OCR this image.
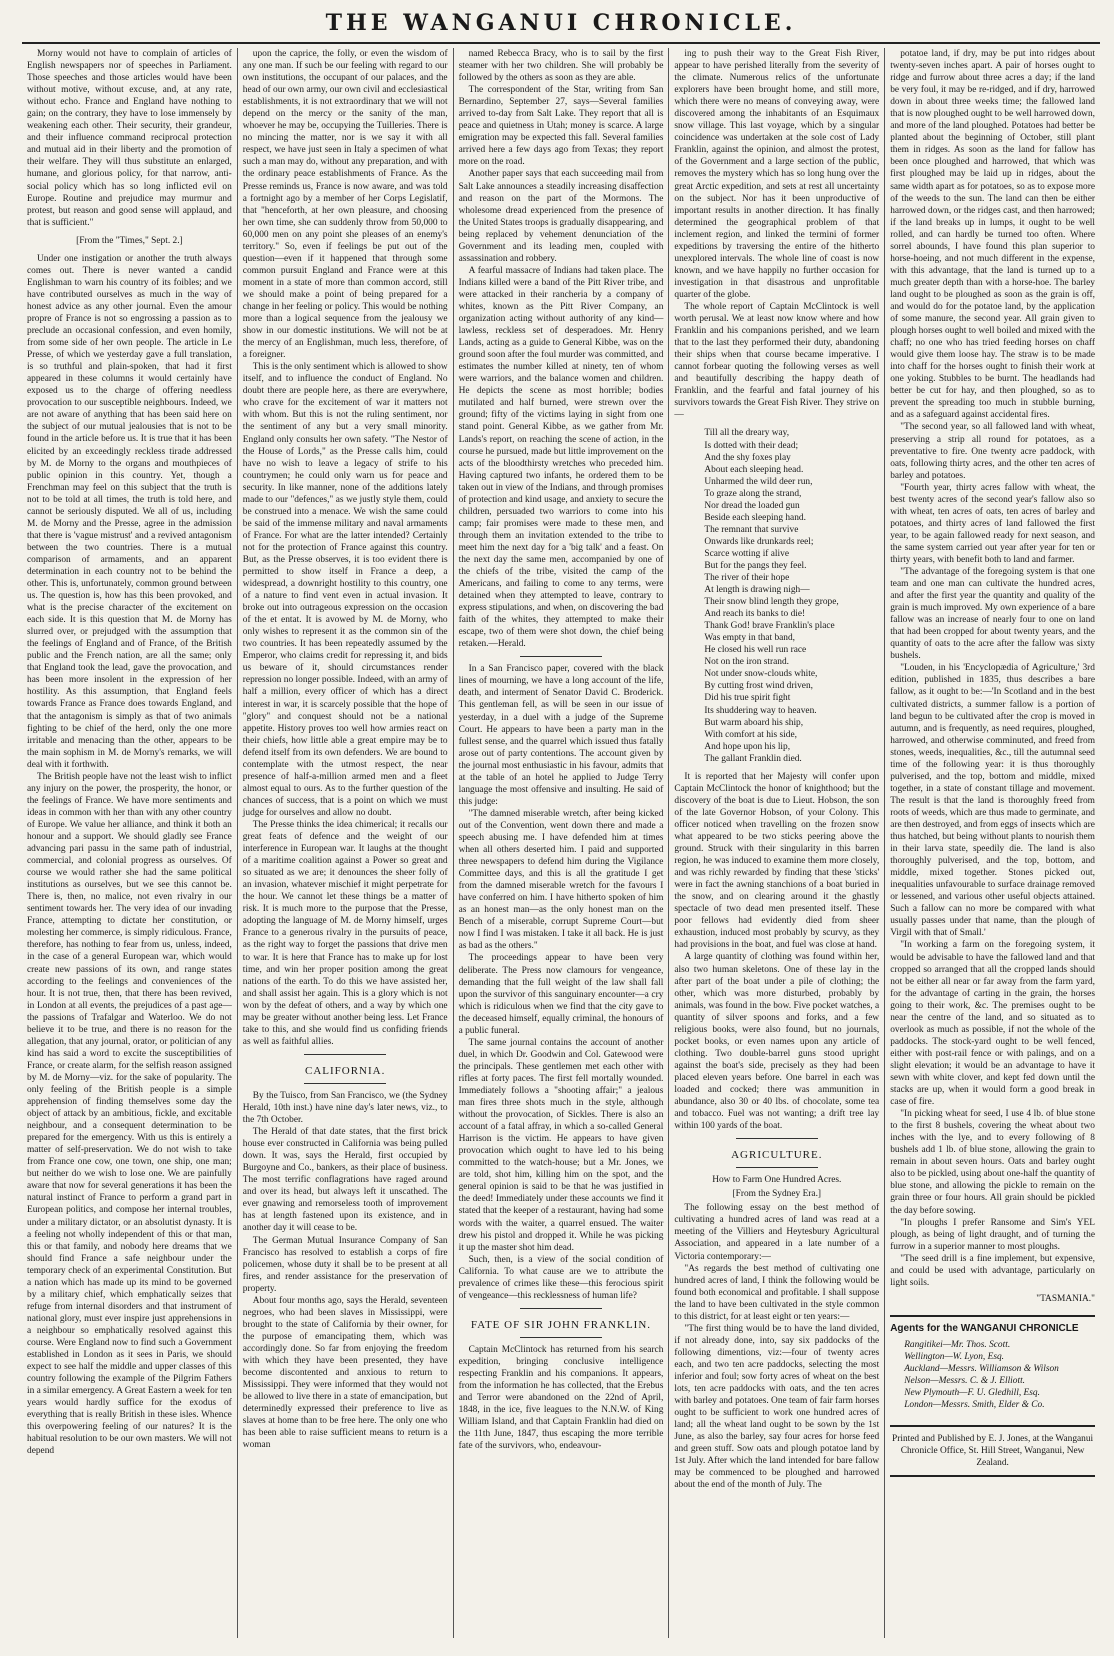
THE WANGANUI CHRONICLE.

Morny would not have to complain of articles of English newspapers nor of speeches in Parliament. Those speeches and those articles would have been without motive, without excuse, and, at any rate, without echo. France and England have nothing to gain; on the contrary, they have to lose immensely by weakening each other. Their security, their grandeur, and their influence command reciprocal protection and mutual aid in their liberty and the promotion of their welfare. They will thus substitute an enlarged, humane, and glorious policy, for that narrow, anti-social policy which has so long inflicted evil on Europe. Routine and prejudice may murmur and protest, but reason and good sense will applaud, and that is sufficient."

[From the "Times," Sept. 2.]

Under one instigation or another the truth always comes out. There is never wanted a candid Englishman to warn his country of its foibles; and we have contributed ourselves as much in the way of honest advice as any other journal. Even the amour propre of France is not so engrossing a passion as to preclude an occasional confession, and even homily, from some side of her own people. The article in Le Presse, of which we yesterday gave a full translation, is so truthful and plain-spoken, that had it first appeared in these columns it would certainly have exposed us to the charge of offering needless provocation to our susceptible neighbours. Indeed, we are not aware of anything that has been said here on the subject of our mutual jealousies that is not to be found in the article before us. It is true that it has been elicited by an exceedingly reckless tirade addressed by M. de Morny to the organs and mouthpieces of public opinion in this country. Yet, though a Frenchman may feel on this subject that the truth is not to be told at all times, the truth is told here, and cannot be seriously disputed. We all of us, including M. de Morny and the Presse, agree in the admission that there is 'vague mistrust' and a revived antagonism between the two countries. There is a mutual comparison of armaments, and an apparent determination in each country not to be behind the other. This is, unfortunately, common ground between us. The question is, how has this been provoked, and what is the precise character of the excitement on each side. It is this question that M. de Morny has slurred over, or prejudged with the assumption that the feelings of England and of France, of the British public and the French nation, are all the same; only that England took the lead, gave the provocation, and has been more insolent in the expression of her hostility. As this assumption, that England feels towards France as France does towards England, and that the antagonism is simply as that of two animals fighting to be chief of the herd, only the one more irritable and menacing than the other, appears to be the main sophism in M. de Morny's remarks, we will deal with it forthwith.

The British people have not the least wish to inflict any injury on the power, the prosperity, the honor, or the feelings of France. We have more sentiments and ideas in common with her than with any other country of Europe. We value her alliance, and think it both an honour and a support. We should gladly see France advancing pari passu in the same path of industrial, commercial, and colonial progress as ourselves. Of course we would rather she had the same political institutions as ourselves, but we see this cannot be. There is, then, no malice, not even rivalry in our sentiment towards her. The very idea of our invading France, attempting to dictate her constitution, or molesting her commerce, is simply ridiculous. France, therefore, has nothing to fear from us, unless, indeed, in the case of a general European war, which would create new passions of its own, and range states according to the feelings and conveniences of the hour. It is not true, then, that there has been revived, in London at all events, the prejudices of a past age—the passions of Trafalgar and Waterloo. We do not believe it to be true, and there is no reason for the allegation, that any journal, orator, or politician of any kind has said a word to excite the susceptibilities of France, or create alarm, for the selfish reason assigned by M. de Morny—viz. for the sake of popularity. The only feeling of the British people is a simple apprehension of finding themselves some day the object of attack by an ambitious, fickle, and excitable neighbour, and a consequent determination to be prepared for the emergency. With us this is entirely a matter of self-preservation. We do not wish to take from France one cow, one town, one ship, one man; but neither do we wish to lose one. We are painfully aware that now for several generations it has been the natural instinct of France to perform a grand part in European politics, and compose her internal troubles, under a military dictator, or an absolutist dynasty. It is a feeling not wholly independent of this or that man, this or that family, and nobody here dreams that we should find France a safe neighbour under the temporary check of an experimental Constitution. But a nation which has made up its mind to be governed by a military chief, which emphatically seizes that refuge from internal disorders and that instrument of national glory, must ever inspire just apprehensions in a neighbour so emphatically resolved against this course. Were England now to find such a Government established in London as it sees in Paris, we should expect to see half the middle and upper classes of this country following the example of the Pilgrim Fathers in a similar emergency. A Great Eastern a week for ten years would hardly suffice for the exodus of everything that is really British in these isles. Whence this overpowering feeling of our natures? It is the habitual resolution to be our own masters. We will not depend

upon the caprice, the folly, or even the wisdom of any one man. If such be our feeling with regard to our own institutions, the occupant of our palaces, and the head of our own army, our own civil and ecclesiastical establishments, it is not extraordinary that we will not depend on the mercy or the sanity of the man, whoever he may be, occupying the Tuilleries. There is no mincing the matter, nor is we say it with all respect, we have just seen in Italy a specimen of what such a man may do, without any preparation, and with the ordinary peace establishments of France. As the Presse reminds us, France is now aware, and was told a fortnight ago by a member of her Corps Legislatif, that "henceforth, at her own pleasure, and choosing her own time, she can suddenly throw from 50,000 to 60,000 men on any point she pleases of an enemy's territory." So, even if feelings be put out of the question—even if it happened that through some common pursuit England and France were at this moment in a state of more than common accord, still we should make a point of being prepared for a change in her feeling or policy. This would be nothing more than a logical sequence from the jealousy we show in our domestic institutions. We will not be at the mercy of an Englishman, much less, therefore, of a foreigner.

This is the only sentiment which is allowed to show itself, and to influence the conduct of England. No doubt there are people here, as there are everywhere, who crave for the excitement of war it matters not with whom. But this is not the ruling sentiment, nor the sentiment of any but a very small minority. England only consults her own safety. "The Nestor of the House of Lords," as the Presse calls him, could have no wish to leave a legacy of strife to his countrymen; he could only warn us for peace and security. In like manner, none of the additions lately made to our "defences," as we justly style them, could be construed into a menace. We wish the same could be said of the immense military and naval armaments of France. For what are the latter intended? Certainly not for the protection of France against this country. But, as the Presse observes, it is too evident there is permitted to show itself in France a deep, a widespread, a downright hostility to this country, one of a nature to find vent even in actual invasion. It broke out into outrageous expression on the occasion of the et entat. It is avowed by M. de Morny, who only wishes to represent it as the common sin of the two countries. It has been repeatedly assumed by the Emperor, who claims credit for repressing it, and bids us beware of it, should circumstances render repression no longer possible. Indeed, with an army of half a million, every officer of which has a direct interest in war, it is scarcely possible that the hope of "glory" and conquest should not be a national appetite. History proves too well how armies react on their chiefs, how little able a great empire may be to defend itself from its own defenders. We are bound to contemplate with the utmost respect, the near presence of half-a-million armed men and a fleet almost equal to ours. As to the further question of the chances of success, that is a point on which we must judge for ourselves and allow no doubt.

The Presse thinks the idea chimerical; it recalls our great feats of defence and the weight of our interference in European war. It laughs at the thought of a maritime coalition against a Power so great and so situated as we are; it denounces the sheer folly of an invasion, whatever mischief it might perpetrate for the hour. We cannot let these things be a matter of risk. It is much more to the purpose that the Presse, adopting the language of M. de Morny himself, urges France to a generous rivalry in the pursuits of peace, as the right way to forget the passions that drive men to war. It is here that France has to make up for lost time, and win her proper position among the great nations of the earth. To do this we have assisted her, and shall assist her again. This is a glory which is not won by the defeat of others, and a way by which one may be greater without another being less. Let France take to this, and she would find us confiding friends as well as faithful allies.

CALIFORNIA.

By the Tuisco, from San Francisco, we (the Sydney Herald, 10th inst.) have nine day's later news, viz., to the 7th October.

The Herald of that date states, that the first brick house ever constructed in California was being pulled down. It was, says the Herald, first occupied by Burgoyne and Co., bankers, as their place of business. The most terrific conflagrations have raged around and over its head, but always left it unscathed. The ever gnawing and remorseless tooth of improvement has at length fastened upon its existence, and in another day it will cease to be.

The German Mutual Insurance Company of San Francisco has resolved to establish a corps of fire policemen, whose duty it shall be to be present at all fires, and render assistance for the preservation of property.

About four months ago, says the Herald, seventeen negroes, who had been slaves in Mississippi, were brought to the state of California by their owner, for the purpose of emancipating them, which was accordingly done. So far from enjoying the freedom with which they have been presented, they have become discontented and anxious to return to Mississippi. They were informed that they would not be allowed to live there in a state of emancipation, but determinedly expressed their preference to live as slaves at home than to be free here. The only one who has been able to raise sufficient means to return is a woman

named Rebecca Bracy, who is to sail by the first steamer with her two children. She will probably be followed by the others as soon as they are able.

The correspondent of the Star, writing from San Bernardino, September 27, says—Several families arrived to-day from Salt Lake. They report that all is peace and quietness in Utah; money is scarce. A large emigration may be expected this fall. Several families arrived here a few days ago from Texas; they report more on the road.

Another paper says that each succeeding mail from Salt Lake announces a steadily increasing disaffection and reason on the part of the Mormons. The wholesome dread experienced from the presence of the United States troops is gradually disappearing, and being replaced by vehement denunciation of the Government and its leading men, coupled with assassination and robbery.

A fearful massacre of Indians had taken place. The Indians killed were a band of the Pitt River tribe, and were attacked in their rancheria by a company of whites, known as the Pitt River Company, an organization acting without authority of any kind—lawless, reckless set of desperadoes. Mr. Henry Lands, acting as a guide to General Kibbe, was on the ground soon after the foul murder was committed, and estimates the number killed at ninety, ten of whom were warriors, and the balance women and children. He depicts the scene as most horrible; bodies mutilated and half burned, were strewn over the ground; fifty of the victims laying in sight from one stand point. General Kibbe, as we gather from Mr. Lands's report, on reaching the scene of action, in the course he pursued, made but little improvement on the acts of the bloodthirsty wretches who preceded him. Having captured two infants, he ordered them to be taken out in view of the Indians, and through promises of protection and kind usage, and anxiety to secure the children, persuaded two warriors to come into his camp; fair promises were made to these men, and through them an invitation extended to the tribe to meet him the next day for a 'big talk' and a feast. On the next day the same men, accompanied by one of the chiefs of the tribe, visited the camp of the Americans, and failing to come to any terms, were detained when they attempted to leave, contrary to express stipulations, and when, on discovering the bad faith of the whites, they attempted to make their escape, two of them were shot down, the chief being retaken.—Herald.

In a San Francisco paper, covered with the black lines of mourning, we have a long account of the life, death, and interment of Senator David C. Broderick. This gentleman fell, as will be seen in our issue of yesterday, in a duel with a judge of the Supreme Court. He appears to have been a party man in the fullest sense, and the quarrel which issued thus fatally arose out of party contentions. The account given by the journal most enthusiastic in his favour, admits that at the table of an hotel he applied to Judge Terry language the most offensive and insulting. He said of this judge:

"The damned miserable wretch, after being kicked out of the Convention, went down there and made a speech abusing me. I have defended him at times when all others deserted him. I paid and supported three newspapers to defend him during the Vigilance Committee days, and this is all the gratitude I get from the damned miserable wretch for the favours I have conferred on him. I have hitherto spoken of him as an honest man—as the only honest man on the Bench of a miserable, corrupt Supreme Court—but now I find I was mistaken. I take it all back. He is just as bad as the others."

The proceedings appear to have been very deliberate. The Press now clamours for vengeance, demanding that the full weight of the law shall fall upon the survivor of this sanguinary encounter—a cry which is ridiculous when we find that the city gave to the deceased himself, equally criminal, the honours of a public funeral.

The same journal contains the account of another duel, in which Dr. Goodwin and Col. Gatewood were the principals. These gentlemen met each other with rifles at forty paces. The first fell mortally wounded. Immediately follows a "shooting affair;" a jealous man fires three shots much in the style, although without the provocation, of Sickles. There is also an account of a fatal affray, in which a so-called General Harrison is the victim. He appears to have given provocation which ought to have led to his being committed to the watch-house; but a Mr. Jones, we are told, shot him, killing him on the spot, and the general opinion is said to be that he was justified in the deed! Immediately under these accounts we find it stated that the keeper of a restaurant, having had some words with the waiter, a quarrel ensued. The waiter drew his pistol and dropped it. While he was picking it up the master shot him dead.

Such, then, is a view of the social condition of California. To what cause are we to attribute the prevalence of crimes like these—this ferocious spirit of vengeance—this recklessness of human life?

FATE OF SIR JOHN FRANKLIN.

Captain McClintock has returned from his search expedition, bringing conclusive intelligence respecting Franklin and his companions. It appears, from the information he has collected, that the Erebus and Terror were abandoned on the 22nd of April, 1848, in the ice, five leagues to the N.N.W. of King William Island, and that Captain Franklin had died on the 11th June, 1847, thus escaping the more terrible fate of the survivors, who, endeavour-

ing to push their way to the Great Fish River, appear to have perished literally from the severity of the climate. Numerous relics of the unfortunate explorers have been brought home, and still more, which there were no means of conveying away, were discovered among the inhabitants of an Esquimaux snow village. This last voyage, which by a singular coincidence was undertaken at the sole cost of Lady Franklin, against the opinion, and almost the protest, of the Government and a large section of the public, removes the mystery which has so long hung over the great Arctic expedition, and sets at rest all uncertainty on the subject. Nor has it been unproductive of important results in another direction. It has finally determined the geographical problem of that inclement region, and linked the termini of former expeditions by traversing the entire of the hitherto unexplored intervals. The whole line of coast is now known, and we have happily no further occasion for investigation in that disastrous and unprofitable quarter of the globe.

The whole report of Captain McClintock is well worth perusal. We at least now know where and how Franklin and his companions perished, and we learn that to the last they performed their duty, abandoning their ships when that course became imperative. I cannot forbear quoting the following verses as well and beautifully describing the happy death of Franklin, and the fearful and fatal journey of his survivors towards the Great Fish River. They strive on—

Till all the dreary way,
Is dotted with their dead;
And the shy foxes play
About each sleeping head.
Unharmed the wild deer run,
To graze along the strand,
Nor dread the loaded gun
Beside each sleeping hand.
The remnant that survive
Onwards like drunkards reel;
Scarce wotting if alive
But for the pangs they feel.
The river of their hope
At length is drawing nigh—
Their snow blind length they grope,
And reach its banks to die!
Thank God! brave Franklin's place
Was empty in that band,
He closed his well run race
Not on the iron strand.
Not under snow-clouds white,
By cutting frost wind driven,
Did his true spirit fight
Its shuddering way to heaven.
But warm aboard his ship,
With comfort at his side,
And hope upon his lip,
The gallant Franklin died.

It is reported that her Majesty will confer upon Captain McClintock the honor of knighthood; but the discovery of the boat is due to Lieut. Hobson, the son of the late Governor Hobson, of your Colony. This officer noticed when travelling on the frozen snow what appeared to be two sticks peering above the ground. Struck with their singularity in this barren region, he was induced to examine them more closely, and was richly rewarded by finding that these 'sticks' were in fact the awning stanchions of a boat buried in the snow, and on clearing around it the ghastly spectacle of two dead men presented itself. These poor fellows had evidently died from sheer exhaustion, induced most probably by scurvy, as they had provisions in the boat, and fuel was close at hand.

A large quantity of clothing was found within her, also two human skeletons. One of these lay in the after part of the boat under a pile of clothing; the other, which was more disturbed, probably by animals, was found in the bow. Five pocket watches, a quantity of silver spoons and forks, and a few religious books, were also found, but no journals, pocket books, or even names upon any article of clothing. Two double-barrel guns stood upright against the boat's side, precisely as they had been placed eleven years before. One barrel in each was loaded and cocked; there was ammunition in abundance, also 30 or 40 lbs. of chocolate, some tea and tobacco. Fuel was not wanting; a drift tree lay within 100 yards of the boat.

AGRICULTURE.

How to Farm One Hundred Acres.

[From the Sydney Era.]

The following essay on the best method of cultivating a hundred acres of land was read at a meeting of the Villiers and Heytesbury Agricultural Association, and appeared in a late number of a Victoria contemporary:—

"As regards the best method of cultivating one hundred acres of land, I think the following would be found both economical and profitable. I shall suppose the land to have been cultivated in the style common to this district, for at least eight or ten years:—

"The first thing would be to have the land divided, if not already done, into, say six paddocks of the following dimentions, viz:—four of twenty acres each, and two ten acre paddocks, selecting the most inferior and foul; sow forty acres of wheat on the best lots, ten acre paddocks with oats, and the ten acres with barley and potatoes. One team of fair farm horses ought to be sufficient to work one hundred acres of land; all the wheat land ought to be sown by the 1st June, as also the barley, say four acres for horse feed and green stuff. Sow oats and plough potatoe land by 1st July. After which the land intended for bare fallow may be commenced to be ploughed and harrowed about the end of the month of July. The

potatoe land, if dry, may be put into ridges about twenty-seven inches apart. A pair of horses ought to ridge and furrow about three acres a day; if the land be very foul, it may be re-ridged, and if dry, harrowed down in about three weeks time; the fallowed land that is now ploughed ought to be well harrowed down, and more of the land ploughed. Potatoes had better be planted about the beginning of October, still plant them in ridges. As soon as the land for fallow has been once ploughed and harrowed, that which was first ploughed may be laid up in ridges, about the same width apart as for potatoes, so as to expose more of the weeds to the sun. The land can then be either harrowed down, or the ridges cast, and then harrowed; if the land breaks up in lumps, it ought to be well rolled, and can hardly be turned too often. Where sorrel abounds, I have found this plan superior to horse-hoeing, and not much different in the expense, with this advantage, that the land is turned up to a much greater depth than with a horse-hoe. The barley land ought to be ploughed as soon as the grain is off, and would do for the potatoe land, by the application of some manure, the second year. All grain given to plough horses ought to well boiled and mixed with the chaff; no one who has tried feeding horses on chaff would give them loose hay. The straw is to be made into chaff for the horses ought to finish their work at one yoking. Stubbles to be burnt. The headlands had better be cut for hay, and then ploughed, so as to prevent the spreading too much in stubble burning, and as a safeguard against accidental fires.

"The second year, so all fallowed land with wheat, preserving a strip all round for potatoes, as a preventative to fire. One twenty acre paddock, with oats, following thirty acres, and the other ten acres of barley and potatoes.

"Fourth year, thirty acres fallow with wheat, the best twenty acres of the second year's fallow also so with wheat, ten acres of oats, ten acres of barley and potatoes, and thirty acres of land fallowed the first year, to be again fallowed ready for next season, and the same system carried out year after year for ten or thirty years, with benefit both to land and farmer.

"The advantage of the foregoing system is that one team and one man can cultivate the hundred acres, and after the first year the quantity and quality of the grain is much improved. My own experience of a bare fallow was an increase of nearly four to one on land that had been cropped for about twenty years, and the quantity of oats to the acre after the fallow was sixty bushels.

"Louden, in his 'Encyclopædia of Agriculture,' 3rd edition, published in 1835, thus describes a bare fallow, as it ought to be:—'In Scotland and in the best cultivated districts, a summer fallow is a portion of land begun to be cultivated after the crop is moved in autumn, and is frequently, as need requires, ploughed, harrowed, and otherwise comminuted, and freed from stones, weeds, inequalities, &c., till the autumnal seed time of the following year: it is thus thoroughly pulverised, and the top, bottom and middle, mixed together, in a state of constant tillage and movement. The result is that the land is thoroughly freed from roots of weeds, which are thus made to germinate, and are then destroyed, and from eggs of insects which are thus hatched, but being without plants to nourish them in their larva state, speedily die. The land is also thoroughly pulverised, and the top, bottom, and middle, mixed together. Stones picked out, inequalities unfavourable to surface drainage removed or lessened, and various other useful objects attained. Such a fallow can no more be compared with what usually passes under that name, than the plough of Virgil with that of Small.'

"In working a farm on the foregoing system, it would be advisable to have the fallowed land and that cropped so arranged that all the cropped lands should not be either all near or far away from the farm yard, for the advantage of carting in the grain, the horses going to their work, &c. The premises ought to be near the centre of the land, and so situated as to overlook as much as possible, if not the whole of the paddocks. The stock-yard ought to be well fenced, either with post-rail fence or with palings, and on a slight elevation; it would be an advantage to have it sewn with white clover, and kept fed down until the stacks are up, when it would form a good break in case of fire.

"In picking wheat for seed, I use 4 lb. of blue stone to the first 8 bushels, covering the wheat about two inches with the lye, and to every following of 8 bushels add 1 lb. of blue stone, allowing the grain to remain in about seven hours. Oats and barley ought also to be pickled, using about one-half the quantity of blue stone, and allowing the pickle to remain on the grain three or four hours. All grain should be pickled the day before sowing.

"In ploughs I prefer Ransome and Sim's YEL plough, as being of light draught, and of turning the furrow in a superior manner to most ploughs.

"The seed drill is a fine implement, but expensive, and could be used with advantage, particularly on light soils.

"TASMANIA."

Agents for the WANGANUI CHRONICLE

Rangitikei—Mr. Thos. Scott.

Wellington—W. Lyon, Esq.

Auckland—Messrs. Williamson & Wilson

Nelson—Messrs. C. & J. Elliott.

New Plymouth—F. U. Gledhill, Esq.

London—Messrs. Smith, Elder & Co.

Printed and Published by E. J. Jones, at the Wanganui Chronicle Office, St. Hill Street, Wanganui, New Zealand.
